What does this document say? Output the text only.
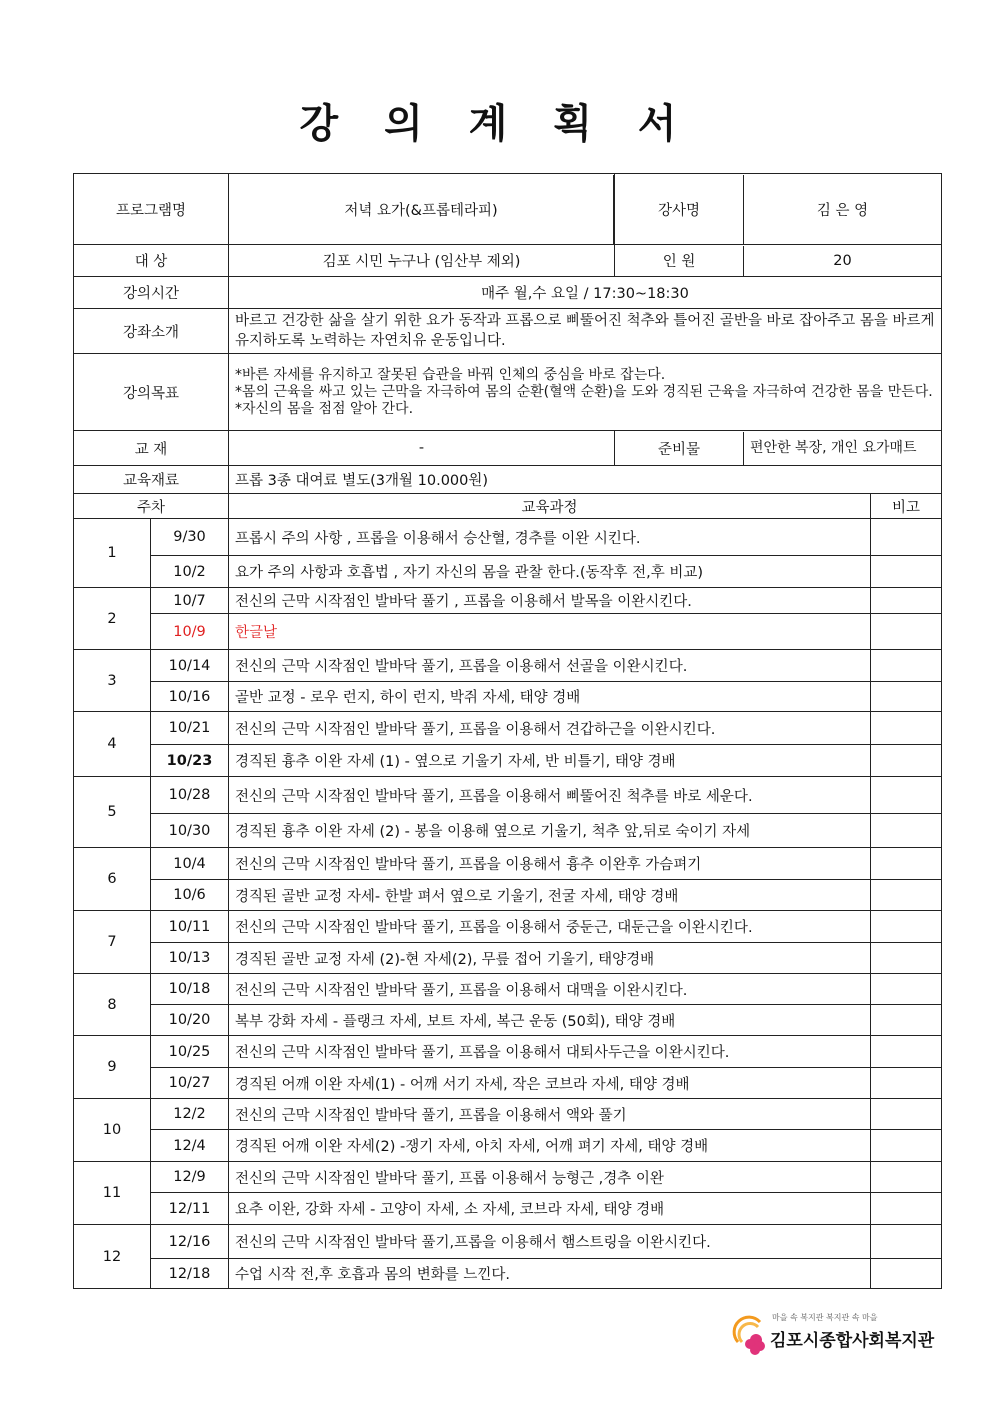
강 의 계 획 서
프로그램명		저녁 요가(&프롭테라피)	강사명 김 은 영	

대 상		김포 시민 누구나 (임산부 제외)	인 원 20	

강의시간		매주 월,수 요일 / 17:30~18:30		
강좌소개		바르고 건강한 삶을 살기 위한 요가 동작과 프롭으로 삐뚤어진 척추와 틀어진 골반을 바로 잡아주고 몸을 바르게 유지하도록 노력하는 자연치유 운동입니다.		
강의목표		*바른 자세를 유지하고 잘못된 습관을 바꿔 인체의 중심을 바로 잡는다.
*몸의 근육을 싸고 있는 근막을 자극하여 몸의 순환(혈액 순환)을 도와 경직된 근육을 자극하여 건강한 몸을 만든다.
*자신의 몸을 점점 알아 간다.		

교 재		-	준비물 편안한 복장, 개인 요가매트	

교육재료		프롭 3종 대여료 별도(3개월 10.000원)		
주차		교육과정		비고
1	9/30	프롭시 주의 사항 , 프롭을 이용해서 승산혈, 경추를 이완 시킨다.		
	10/2	요가 주의 사항과 호흡법 , 자기 자신의 몸을 관찰 한다.(동작후 전,후 비교)		
2	10/7	전신의 근막 시작점인 발바닥 풀기 , 프롭을 이용해서 발목을 이완시킨다.		
	10/9	한글날		
3	10/14	전신의 근막 시작점인 발바닥 풀기, 프롭을 이용해서 선골을 이완시킨다.		
	10/16	골반 교정 - 로우 런지, 하이 런지, 박쥐 자세, 태양 경배		
4	10/21	전신의 근막 시작점인 발바닥 풀기, 프롭을 이용해서 견갑하근을 이완시킨다.		
	10/23	경직된 흉추 이완 자세 (1) - 옆으로 기울기 자세, 반 비틀기, 태양 경배		
5	10/28	전신의 근막 시작점인 발바닥 풀기, 프롭을 이용해서 삐뚤어진 척추를 바로 세운다.		
	10/30	경직된 흉추 이완 자세 (2) - 봉을 이용해 옆으로 기울기, 척추 앞,뒤로 숙이기 자세		
6	10/4	전신의 근막 시작점인 발바닥 풀기, 프롭을 이용해서 흉추 이완후 가슴펴기		
	10/6	경직된 골반 교정 자세- 한발 펴서 옆으로 기울기, 전굴 자세, 태양 경배		
7	10/11	전신의 근막 시작점인 발바닥 풀기, 프롭을 이용해서 중둔근, 대둔근을 이완시킨다.		
	10/13	경직된 골반 교정 자세 (2)-현 자세(2), 무릎 접어 기울기, 태양경배		
8	10/18	전신의 근막 시작점인 발바닥 풀기, 프롭을 이용해서 대맥을 이완시킨다.		
	10/20	복부 강화 자세 - 플랭크 자세, 보트 자세, 복근 운동 (50회), 태양 경배		
9	10/25	전신의 근막 시작점인 발바닥 풀기, 프롭을 이용해서 대퇴사두근을 이완시킨다.		
	10/27	경직된 어깨 이완 자세(1) - 어깨 서기 자세, 작은 코브라 자세, 태양 경배		
10	12/2	전신의 근막 시작점인 발바닥 풀기, 프롭을 이용해서 액와 풀기		
	12/4	경직된 어깨 이완 자세(2) -쟁기 자세, 아치 자세, 어깨 펴기 자세, 태양 경배		
11	12/9	전신의 근막 시작점인 발바닥 풀기, 프롭 이용해서 능형근 ,경추 이완		
	12/11	요추 이완, 강화 자세 - 고양이 자세, 소 자세, 코브라 자세, 태양 경배		
12	12/16	전신의 근막 시작점인 발바닥 풀기,프롭을 이용해서 햄스트링을 이완시킨다.		
	12/18	수업 시작 전,후 호흡과 몸의 변화를 느낀다.		
마을 속 복지관 복지관 속 마을
김포시종합사회복지관
